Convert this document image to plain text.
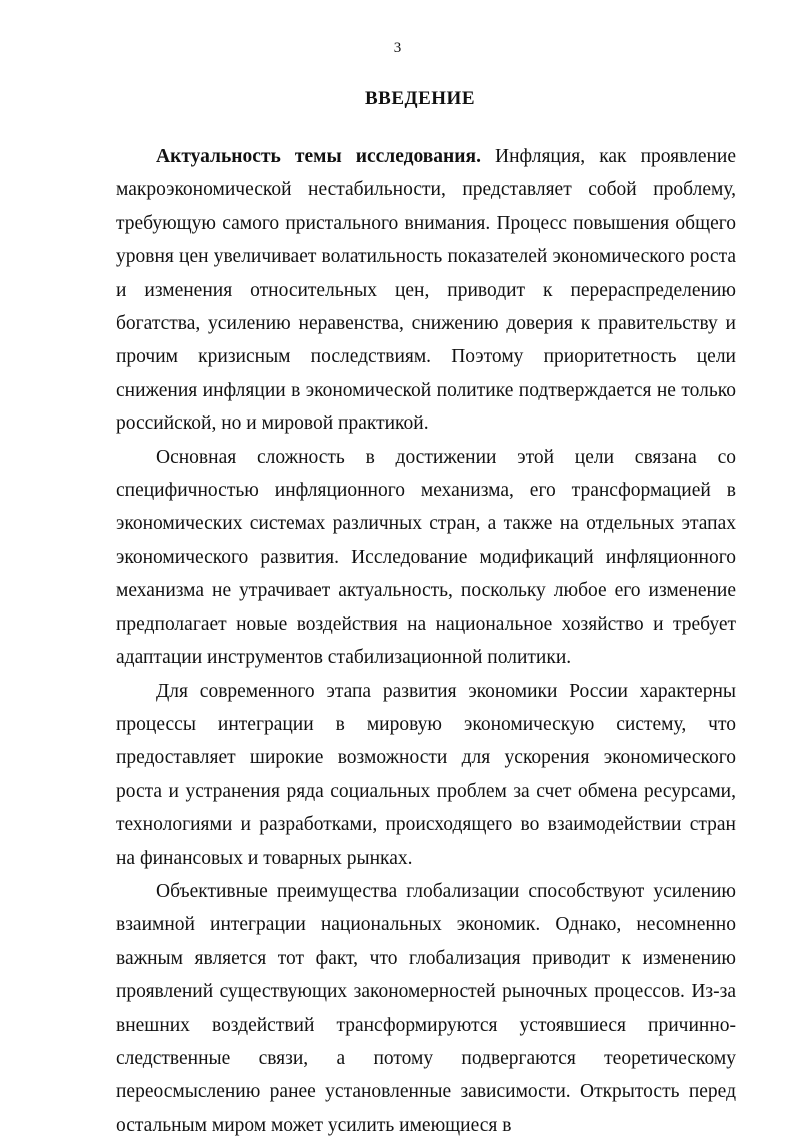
3
ВВЕДЕНИЕ

Актуальность темы исследования. Инфляция, как проявление макроэкономической нестабильности, представляет собой проблему, требующую самого пристального внимания. Процесс повышения общего уровня цен увеличивает волатильность показателей экономического роста и изменения относительных цен, приводит к перераспределению богатства, усилению неравенства, снижению доверия к правительству и прочим кризисным последствиям. Поэтому приоритетность цели снижения инфляции в экономической политике подтверждается не только российской, но и мировой практикой.

Основная сложность в достижении этой цели связана со специфичностью инфляционного механизма, его трансформацией в экономических системах различных стран, а также на отдельных этапах экономического развития. Исследование модификаций инфляционного механизма не утрачивает актуальность, поскольку любое его изменение предполагает новые воздействия на национальное хозяйство и требует адаптации инструментов стабилизационной политики.

Для современного этапа развития экономики России характерны процессы интеграции в мировую экономическую систему, что предоставляет широкие возможности для ускорения экономического роста и устранения ряда социальных проблем за счет обмена ресурсами, технологиями и разработками, происходящего во взаимодействии стран на финансовых и товарных рынках.

Объективные преимущества глобализации способствуют усилению взаимной интеграции национальных экономик. Однако, несомненно важным является тот факт, что глобализация приводит к изменению проявлений существующих закономерностей рыночных процессов. Из-за внешних воздействий трансформируются устоявшиеся причинно-следственные связи, а потому подвергаются теоретическому переосмыслению ранее установленные зависимости. Открытость перед остальным миром может усилить имеющиеся в
